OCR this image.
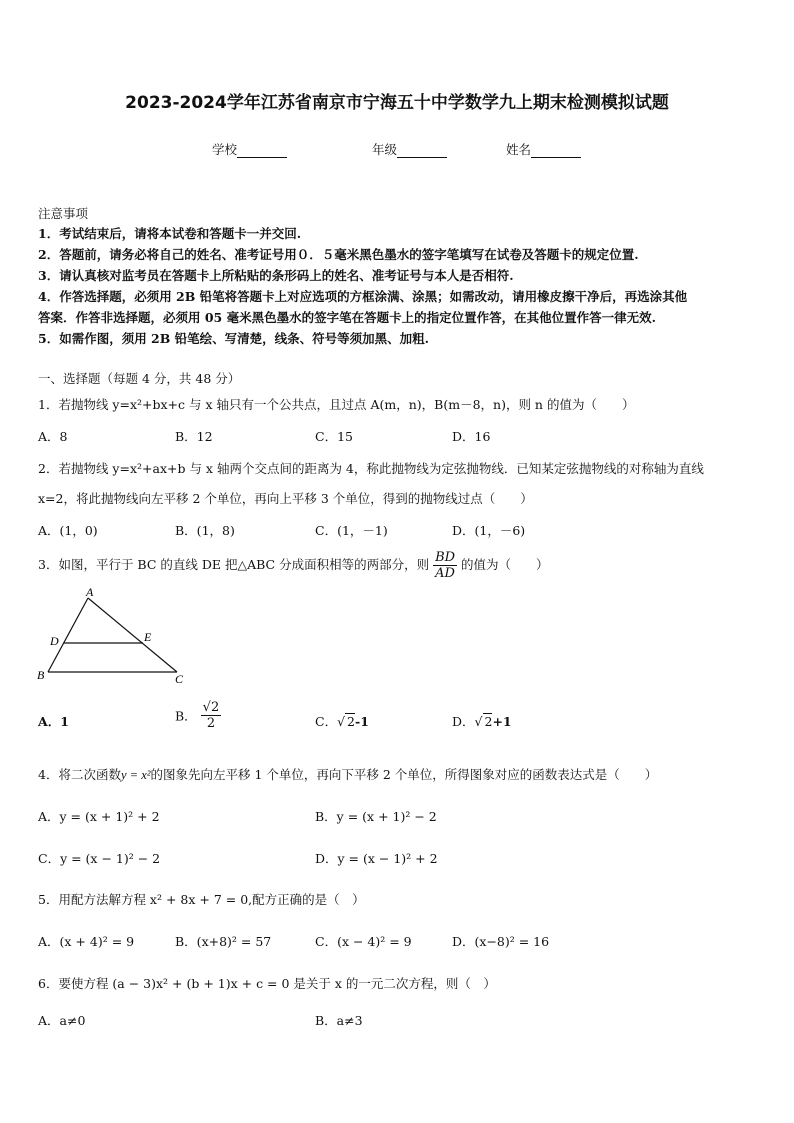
2023-2024学年江苏省南京市宁海五十中学数学九上期末检测模拟试题
学校	年级	姓名
注意事项
1．考试结束后，请将本试卷和答题卡一并交回.
2．答题前，请务必将自己的姓名、准考证号用０．５毫米黑色墨水的签字笔填写在试卷及答题卡的规定位置.
3．请认真核对监考员在答题卡上所粘贴的条形码上的姓名、准考证号与本人是否相符.
4．作答选择题，必须用 2B 铅笔将答题卡上对应选项的方框涂满、涂黑；如需改动，请用橡皮擦干净后，再选涂其他
答案．作答非选择题，必须用 05 毫米黑色墨水的签字笔在答题卡上的指定位置作答，在其他位置作答一律无效.
5．如需作图，须用 2B 铅笔绘、写清楚，线条、符号等须加黑、加粗.
一、选择题（每题 4 分，共 48 分）
1．若抛物线 y=x²+bx+c 与 x 轴只有一个公共点，且过点 A(m，n)，B(m－8，n)，则 n 的值为（　　）
A．8	B．12	C．15	D．16
2．若抛物线 y=x²+ax+b 与 x 轴两个交点间的距离为 4，称此抛物线为定弦抛物线．已知某定弦抛物线的对称轴为直线
x=2，将此抛物线向左平移 2 个单位，再向上平移 3 个单位，得到的抛物线过点（　　）
A．(1，0)	B．(1，8)	C．(1，－1)	D．(1，－6)
3．如图，平行于 BC 的直线 DE 把△ABC 分成面积相等的两部分，则 $\frac{BD}{AD}$ 的值为（　　）
A
D	E
B	C
A．1	B． $\frac{√2}{2}$	C．√ 2-1	D．√ 2+1
4．将二次函数y = x²的图象先向左平移 1 个单位，再向下平移 2 个单位，所得图象对应的函数表达式是（　　）
A．y = (x + 1)² + 2	B．y = (x + 1)² − 2
C．y = (x − 1)² − 2	D．y = (x − 1)² + 2
5．用配方法解方程 x² + 8x + 7 = 0,配方正确的是（　）
A．(x + 4)² = 9	B．(x+8)² = 57	C．(x − 4)² = 9	D．(x−8)² = 16
6．要使方程 (a − 3)x² + (b + 1)x + c = 0 是关于 x 的一元二次方程，则（　）
A．a≠0	B．a≠3
